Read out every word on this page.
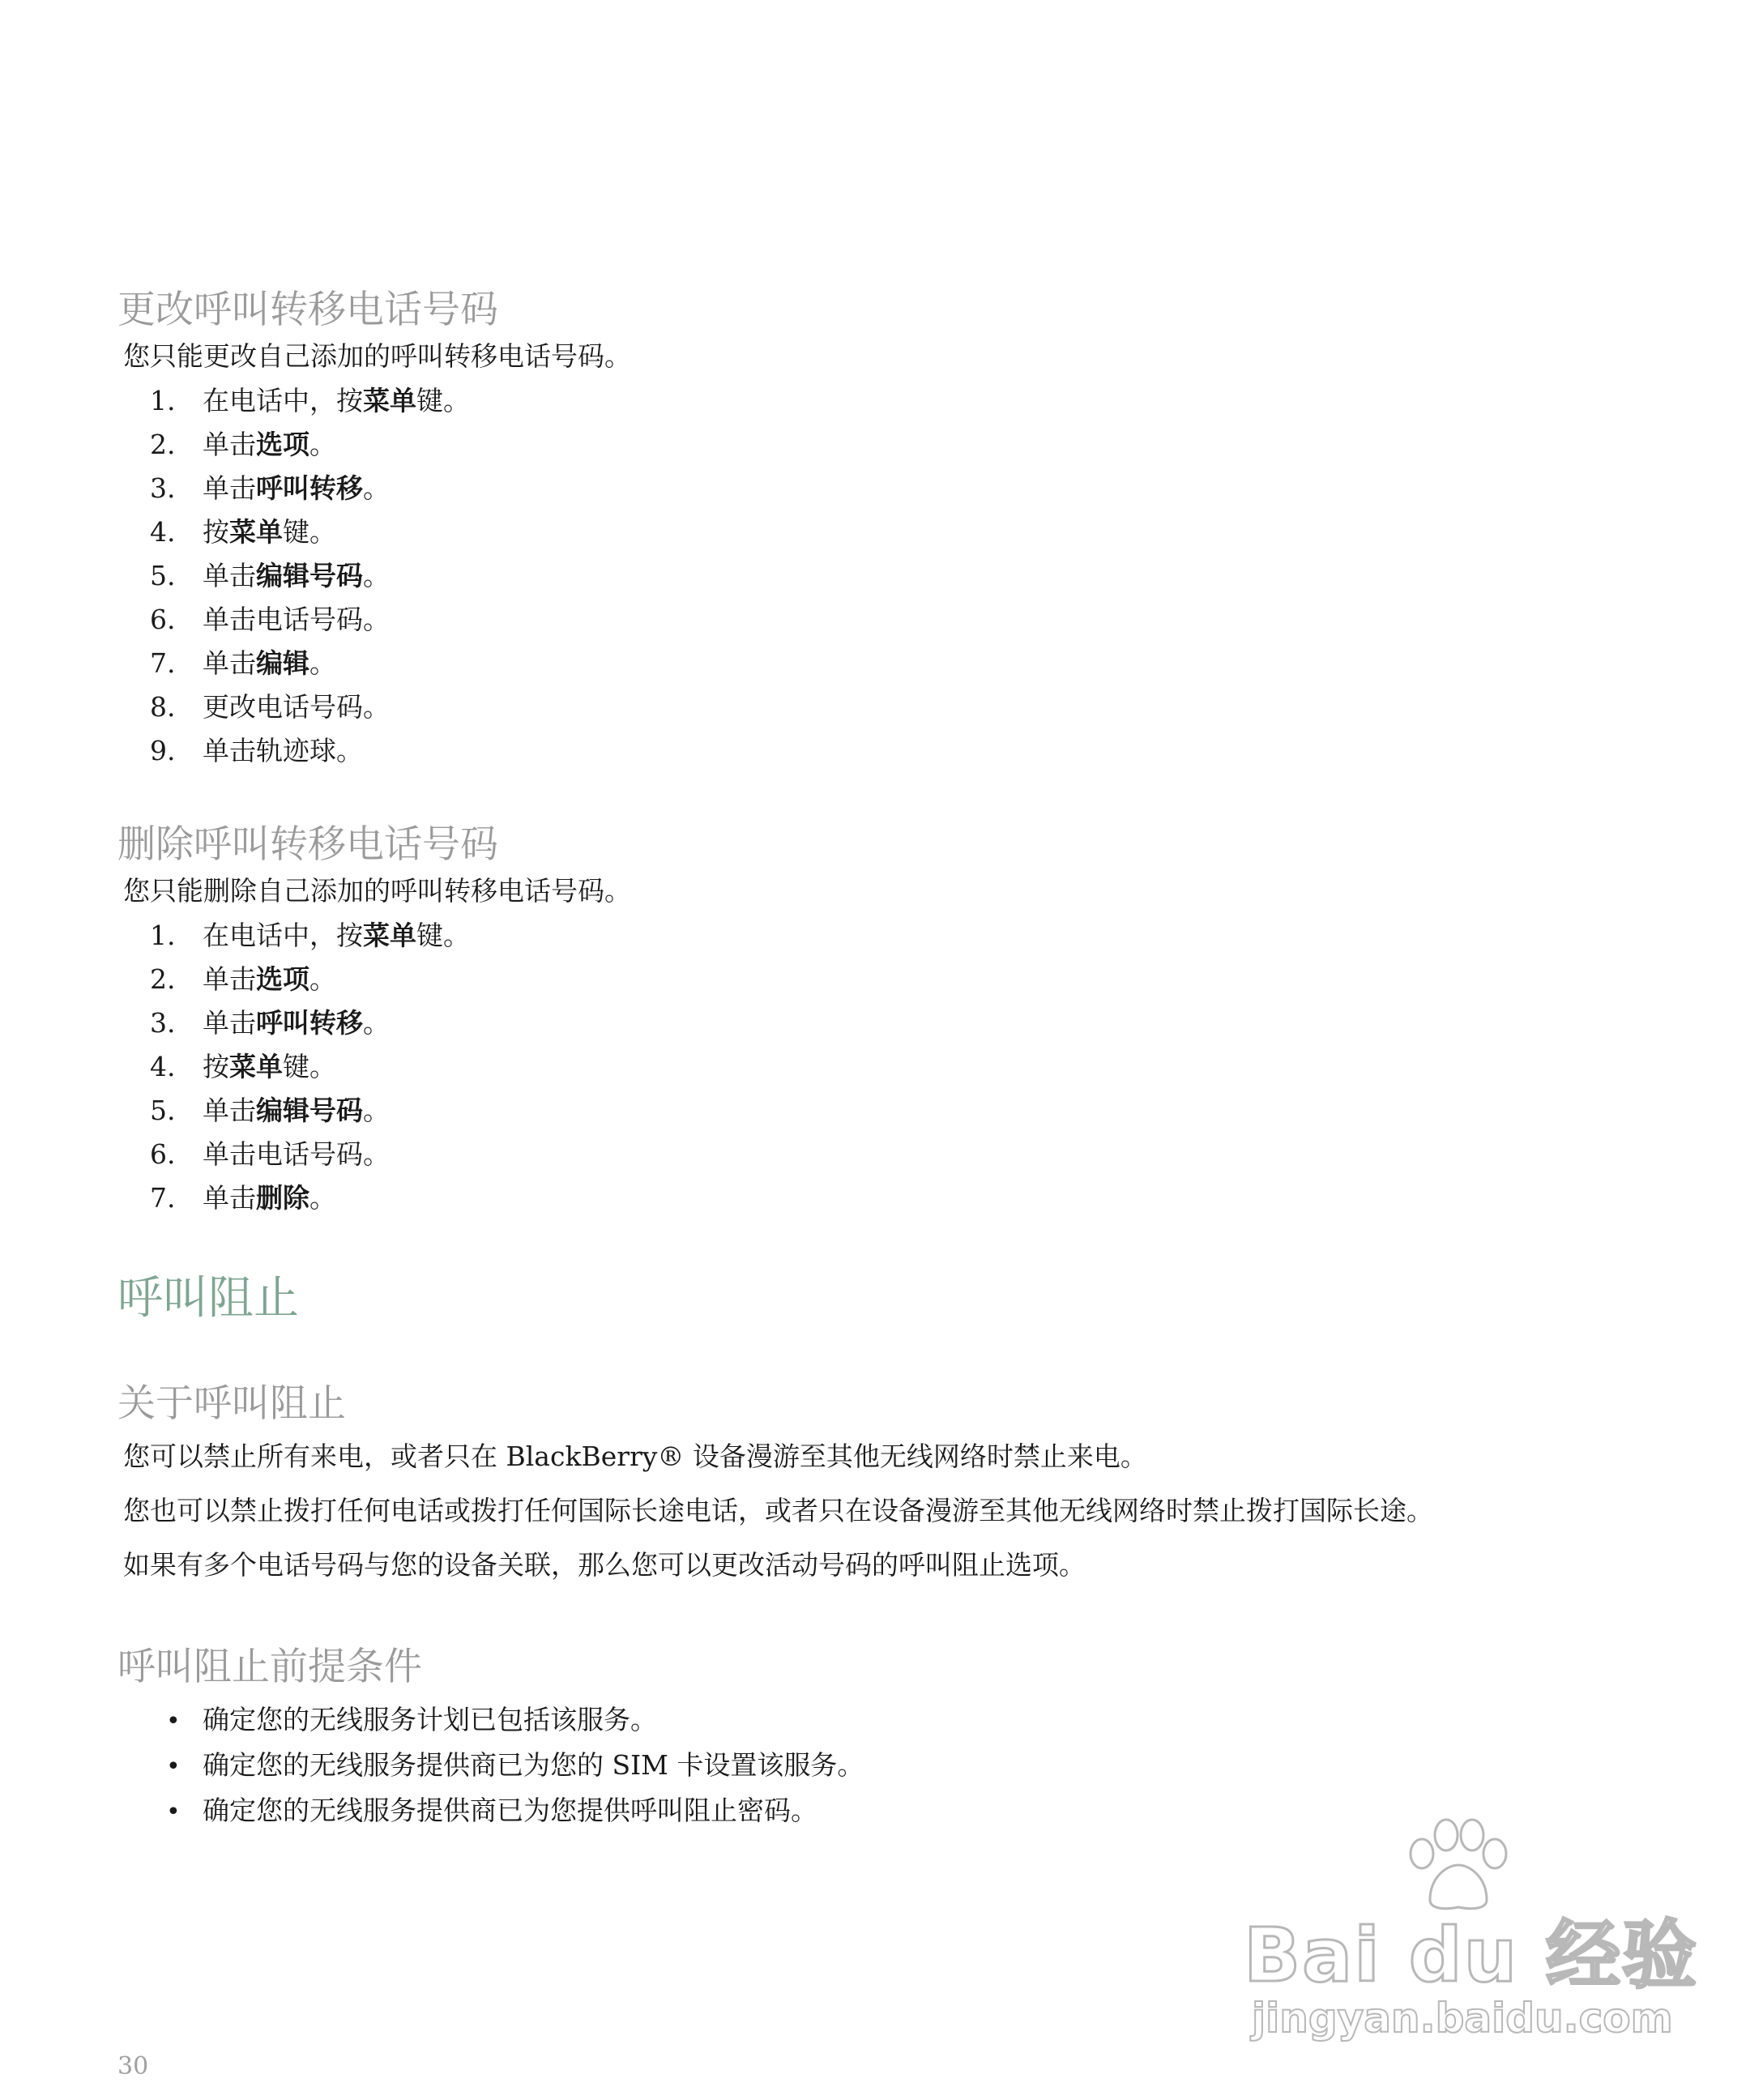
更改呼叫转移电话号码

您只能更改自己添加的呼叫转移电话号码。

1. 在电话中，按菜单键。
2. 单击选项。
3. 单击呼叫转移。
4. 按菜单键。
5. 单击编辑号码。
6. 单击电话号码。
7. 单击编辑。
8. 更改电话号码。
9. 单击轨迹球。
删除呼叫转移电话号码

您只能删除自己添加的呼叫转移电话号码。

1. 在电话中，按菜单键。
2. 单击选项。
3. 单击呼叫转移。
4. 按菜单键。
5. 单击编辑号码。
6. 单击电话号码。
7. 单击删除。
呼叫阻止
关于呼叫阻止

您可以禁止所有来电，或者只在 BlackBerry® 设备漫游至其他无线网络时禁止来电。

您也可以禁止拨打任何电话或拨打任何国际长途电话，或者只在设备漫游至其他无线网络时禁止拨打国际长途。

如果有多个电话号码与您的设备关联，那么您可以更改活动号码的呼叫阻止选项。

呼叫阻止前提条件
• 确定您的无线服务计划已包括该服务。
• 确定您的无线服务提供商已为您的 SIM 卡设置该服务。
• 确定您的无线服务提供商已为您提供呼叫阻止密码。
Bai du 经验
jingyan.baidu.com
30
